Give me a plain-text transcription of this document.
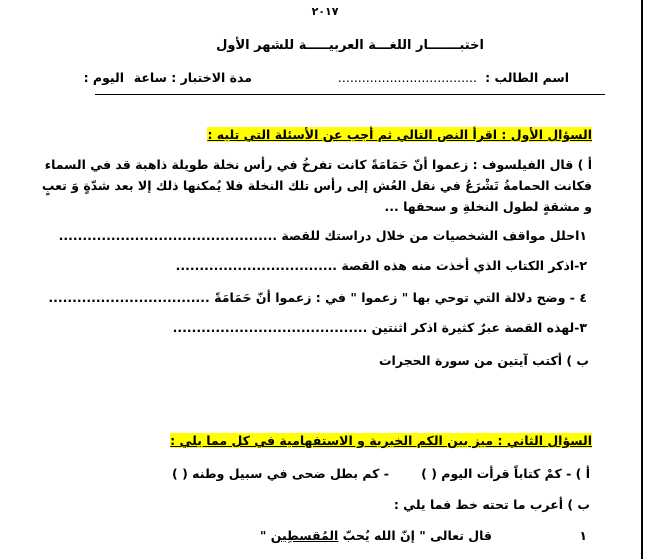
٢٠١٧
اختبـــــــار اللغـــة العربيـــــة للشهر الأول
اسم الطالب :
...................................
مدة الاختبار : ساعة
اليوم :
السؤال الأول : اقرأ النص التالي ثم أجب عن الأسئلة التي تليه :
أ ) قال الفيلسوف : زعموا أنّ حَمَامَةً كانت تفرخُ في رأس نخلة طويلة ذاهبة قد في السماء
فكانت الحمامةُ تَشْرَعُ في نقل العُش إلى رأس تلك النخلة فلا يُمكنها ذلك إلا بعد شدّةٍ وَ تعبٍ
و مشقةٍ لطول النخلةِ و سحقها ...
١احلل مواقف الشخصيات من خلال دراستك للقصة ..............................................
٢-اذكر الكتاب الذي أخذت منه هذه القصة ..................................
٤ - وضح دلالة التي توحي بها " زعموا " في : زعموا أنّ حَمَامَةً ..................................
٣-لهذه القصة عبرٌ كثيرة اذكر اثنتين .........................................
ب ) أكتب آيتين من سورة الحجرات
السؤال الثاني : ميز بين الكم الخبرية و الاستفهامية في كل مما يلي :
أ ) - كمْ كتاباً قرأت اليوم ( )
- كم بطل ضحى في سبيل وطنه ( )
ب ) أعرب ما تحته خط فما يلي :
١
قال تعالى " إنّ الله يُحبّ المُقسطِين "
